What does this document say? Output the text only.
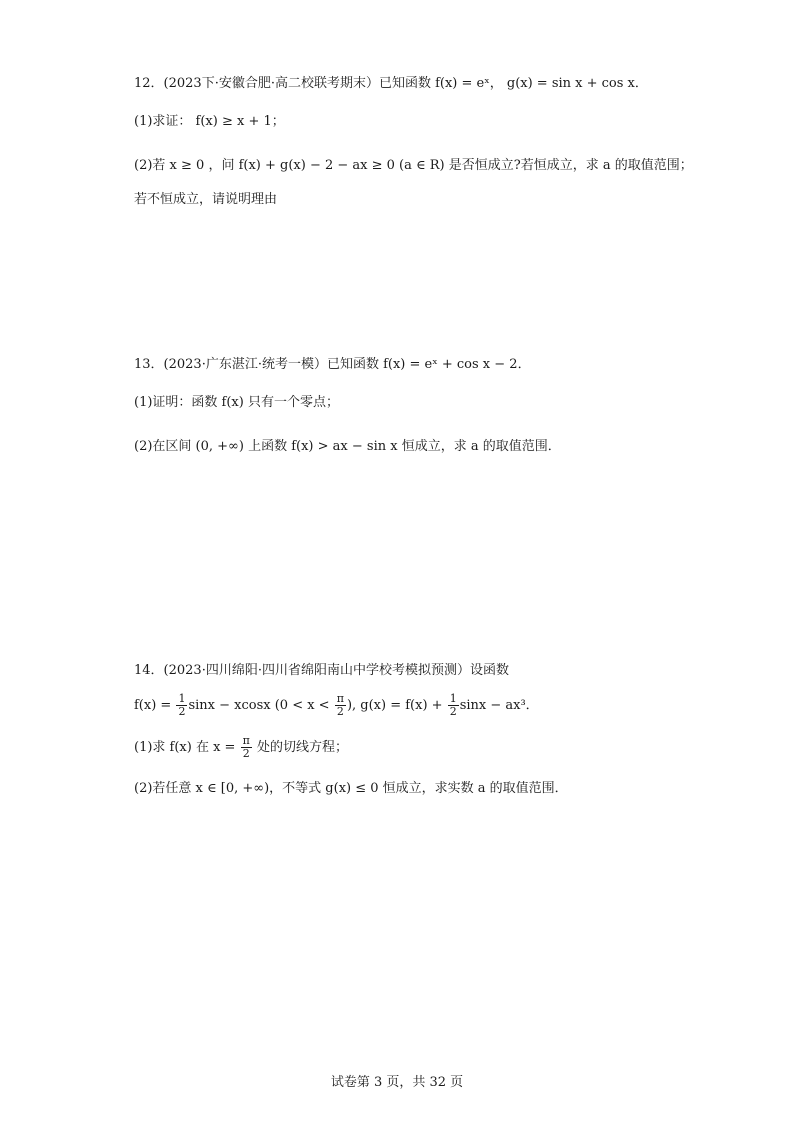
12．(2023下·安徽合肥·高二校联考期末）已知函数 f(x) = eˣ， g(x) = sin x + cos x．
(1)求证： f(x) ≥ x + 1；
(2)若 x ≥ 0 ，问 f(x) + g(x) − 2 − ax ≥ 0 (a ∈ R) 是否恒成立?若恒成立，求 a 的取值范围；
若不恒成立，请说明理由
13．(2023·广东湛江·统考一模）已知函数 f(x) = eˣ + cos x − 2．
(1)证明：函数 f(x) 只有一个零点；
(2)在区间 (0, +∞) 上函数 f(x) > ax − sin x 恒成立，求 a 的取值范围．
14．(2023·四川绵阳·四川省绵阳南山中学校考模拟预测）设函数
$f(x) = \frac{1}{2}$ sinx − xcosx ($0 < x < \frac{\pi}{2}$ ), $g(x) = f(x) + \frac{1}{2}$ sinx − ax³．
(1)求 f(x) 在 $x = \frac{\pi}{2}$ 处的切线方程；
(2)若任意 x ∈ [0, +∞)，不等式 g(x) ≤ 0 恒成立，求实数 a 的取值范围．
试卷第 3 页，共 32 页
